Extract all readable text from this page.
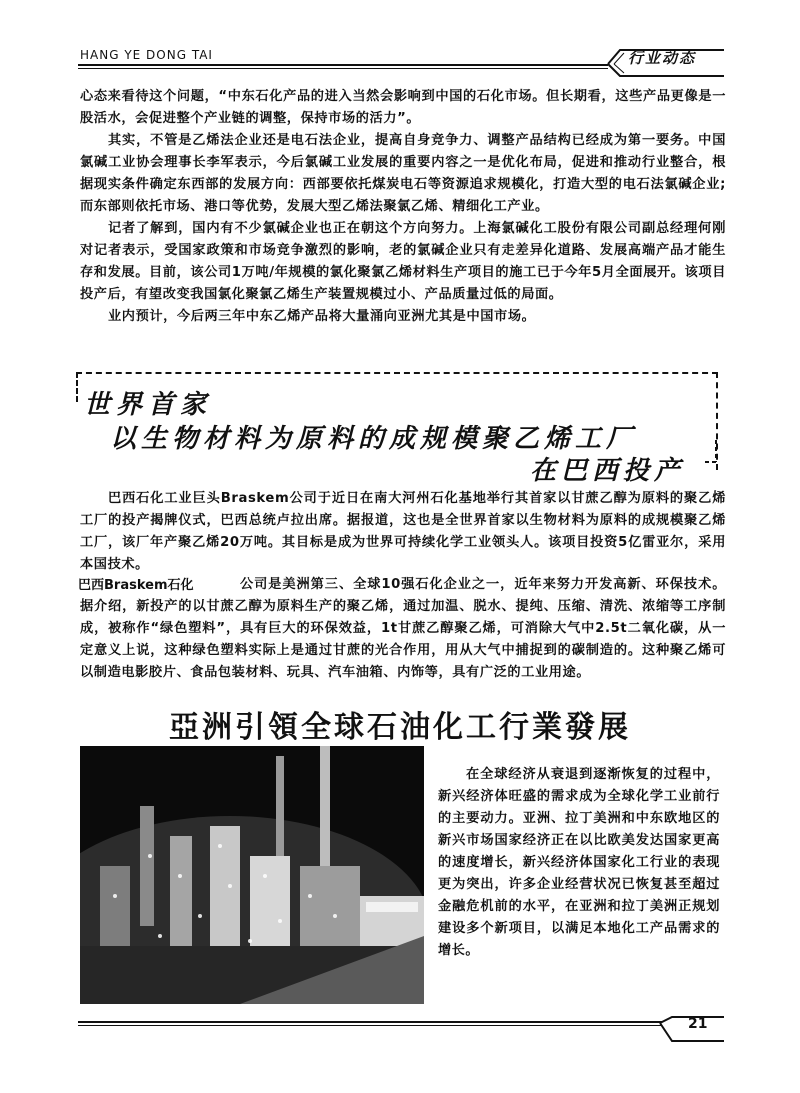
HANG YE DONG TAI	行业动态

心态来看待这个问题，“中东石化产品的进入当然会影响到中国的石化市场。但长期看，这些产品更像是一股活水，会促进整个产业链的调整，保持市场的活力”。

其实，不管是乙烯法企业还是电石法企业，提高自身竞争力、调整产品结构已经成为第一要务。中国氯碱工业协会理事长李军表示，今后氯碱工业发展的重要内容之一是优化布局，促进和推动行业整合，根据现实条件确定东西部的发展方向：西部要依托煤炭电石等资源追求规模化，打造大型的电石法氯碱企业;而东部则依托市场、港口等优势，发展大型乙烯法聚氯乙烯、精细化工产业。

记者了解到，国内有不少氯碱企业也正在朝这个方向努力。上海氯碱化工股份有限公司副总经理何刚对记者表示，受国家政策和市场竞争激烈的影响，老的氯碱企业只有走差异化道路、发展高端产品才能生存和发展。目前，该公司1万吨/年规模的氯化聚氯乙烯材料生产项目的施工已于今年5月全面展开。该项目投产后，有望改变我国氯化聚氯乙烯生产装置规模过小、产品质量过低的局面。

业内预计，今后两三年中东乙烯产品将大量涌向亚洲尤其是中国市场。

世界首家
以生物材料为原料的成规模聚乙烯工厂
在巴西投产

巴西石化工业巨头Braskem公司于近日在南大河州石化基地举行其首家以甘蔗乙醇为原料的聚乙烯工厂的投产揭牌仪式，巴西总统卢拉出席。据报道，这也是全世界首家以生物材料为原料的成规模聚乙烯工厂，该厂年产聚乙烯20万吨。其目标是成为世界可持续化学工业领头人。该项目投资5亿雷亚尔，采用本国技术。

公司是美洲第三、全球10强石化企业之一，近年来努力开发高新、环保技术。据介绍，新投产的以甘蔗乙醇为原料生产的聚乙烯，通过加温、脱水、提纯、压缩、清洗、浓缩等工序制成，被称作“绿色塑料”，具有巨大的环保效益，1t甘蔗乙醇聚乙烯，可消除大气中2.5t二氧化碳，从一定意义上说，这种绿色塑料实际上是通过甘蔗的光合作用，用从大气中捕捉到的碳制造的。这种聚乙烯可以制造电影胶片、食品包装材料、玩具、汽车油箱、内饰等，具有广泛的工业用途。

巴西Braskem石化
亞洲引領全球石油化工行業發展

在全球经济从衰退到逐渐恢复的过程中，新兴经济体旺盛的需求成为全球化学工业前行的主要动力。亚洲、拉丁美洲和中东欧地区的新兴市场国家经济正在以比欧美发达国家更高的速度增长，新兴经济体国家化工行业的表现更为突出，许多企业经营状况已恢复甚至超过金融危机前的水平，在亚洲和拉丁美洲正规划建设多个新项目，以满足本地化工产品需求的增长。

21
